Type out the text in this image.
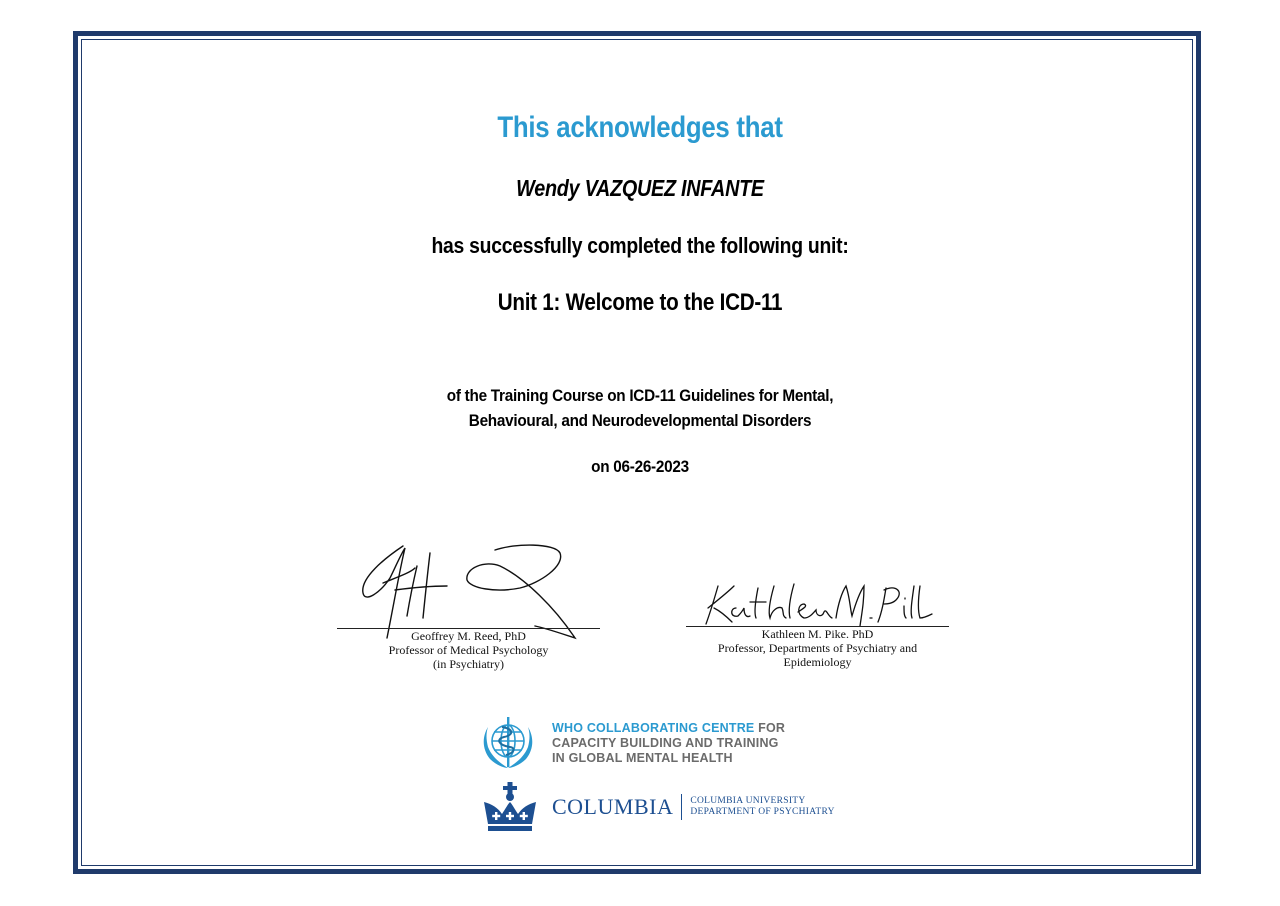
This acknowledges that
Wendy VAZQUEZ INFANTE
has successfully completed the following unit:
Unit 1: Welcome to the ICD-11
of the Training Course on ICD-11 Guidelines for Mental,
Behavioural, and Neurodevelopmental Disorders
on 06-26-2023
Geoffrey M. Reed, PhD
Professor of Medical Psychology
(in Psychiatry)
Kathleen M. Pike. PhD
Professor, Departments of Psychiatry and
Epidemiology
WHO COLLABORATING CENTRE FOR
CAPACITY BUILDING AND TRAINING
IN GLOBAL MENTAL HEALTH
COLUMBIA COLUMBIA UNIVERSITY
DEPARTMENT OF PSYCHIATRY
